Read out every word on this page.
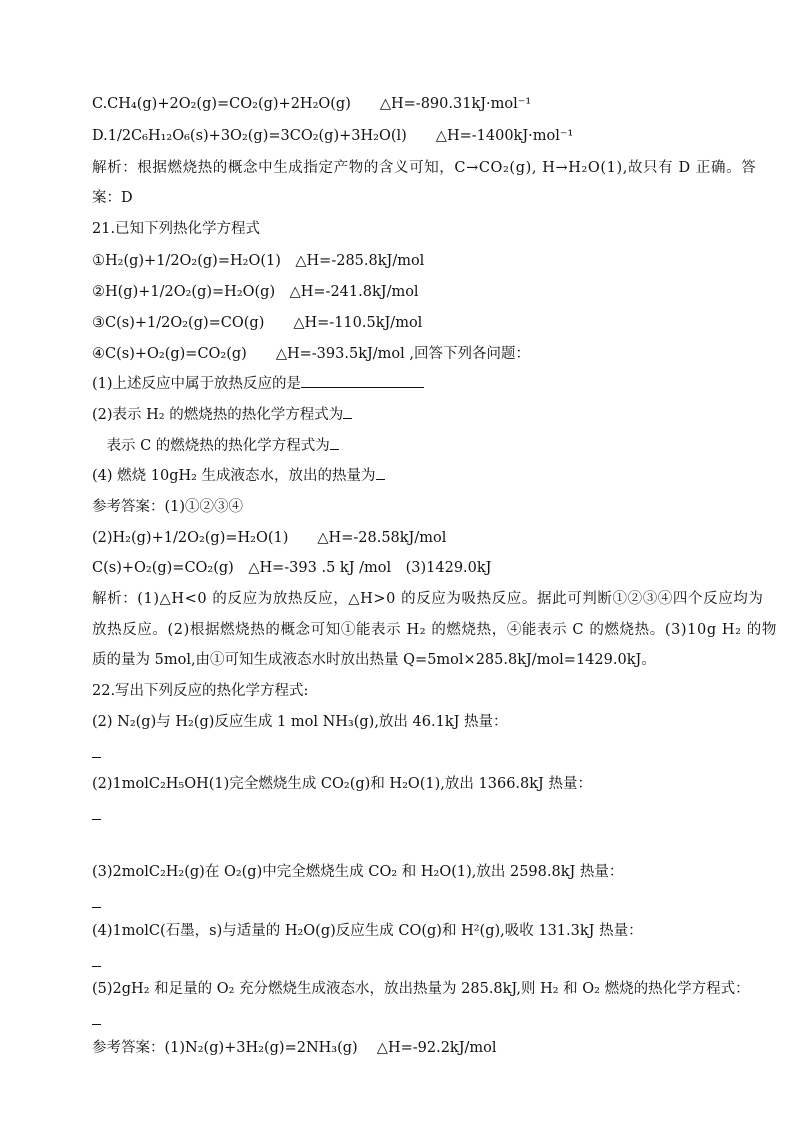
C.CH₄(g)+2O₂(g)=CO₂(g)+2H₂O(g)　　△H=-890.31kJ·mol⁻¹
D.1/2C₆H₁₂O₆(s)+3O₂(g)=3CO₂(g)+3H₂O(l)　　△H=-1400kJ·mol⁻¹
解析：根据燃烧热的概念中生成指定产物的含义可知，C→CO₂(g), H→H₂O(1),故只有 D 正确。答
案：D
21.已知下列热化学方程式
①H₂(g)+1/2O₂(g)=H₂O(1)　△H=-285.8kJ/mol
②H(g)+1/2O₂(g)=H₂O(g)　△H=-241.8kJ/mol
③C(s)+1/2O₂(g)=CO(g)　　△H=-110.5kJ/mol
④C(s)+O₂(g)=CO₂(g)　　△H=-393.5kJ/mol ,回答下列各问题：
(1)上述反应中属于放热反应的是
(2)表示 H₂ 的燃烧热的热化学方程式为
　表示 C 的燃烧热的热化学方程式为
(4) 燃烧 10gH₂ 生成液态水，放出的热量为
参考答案：(1)①②③④
(2)H₂(g)+1/2O₂(g)=H₂O(1)　　△H=-28.58kJ/mol
C(s)+O₂(g)=CO₂(g)　△H=-393 .5 kJ /mol　(3)1429.0kJ
解析：(1)△H<0 的反应为放热反应，△H>0 的反应为吸热反应。据此可判断①②③④四个反应均为
放热反应。(2)根据燃烧热的概念可知①能表示 H₂ 的燃烧热，④能表示 C 的燃烧热。(3)10g H₂ 的物
质的量为 5mol,由①可知生成液态水时放出热量 Q=5mol×285.8kJ/mol=1429.0kJ。
22.写出下列反应的热化学方程式:
(2) N₂(g)与 H₂(g)反应生成 1 mol NH₃(g),放出 46.1kJ 热量：
(2)1molC₂H₅OH(1)完全燃烧生成 CO₂(g)和 H₂O(1),放出 1366.8kJ 热量：
(3)2molC₂H₂(g)在 O₂(g)中完全燃烧生成 CO₂ 和 H₂O(1),放出 2598.8kJ 热量：
(4)1molC(石墨，s)与适量的 H₂O(g)反应生成 CO(g)和 H²(g),吸收 131.3kJ 热量：
(5)2gH₂ 和足量的 O₂ 充分燃烧生成液态水，放出热量为 285.8kJ,则 H₂ 和 O₂ 燃烧的热化学方程式：
参考答案：(1)N₂(g)+3H₂(g)=2NH₃(g)　 △H=-92.2kJ/mol
